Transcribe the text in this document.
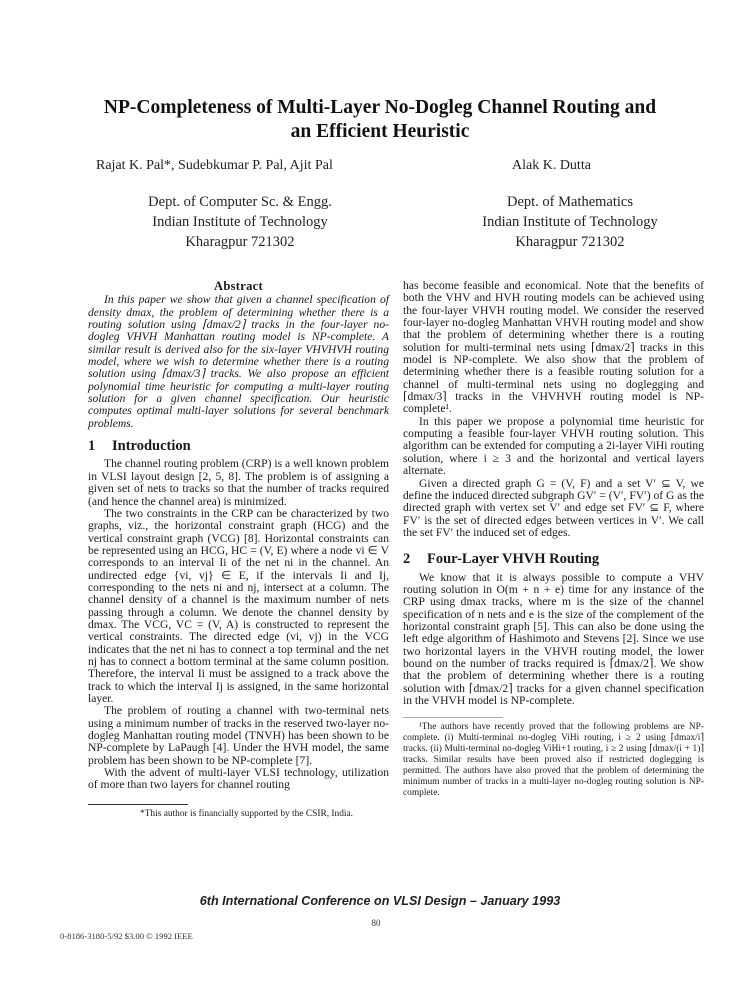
NP-Completeness of Multi-Layer No-Dogleg Channel Routing and
an Efficient Heuristic
Rajat K. Pal*, Sudebkumar P. Pal, Ajit Pal	Alak K. Dutta
Dept. of Computer Sc. & Engg.
Indian Institute of Technology
Kharagpur 721302
Dept. of Mathematics
Indian Institute of Technology
Kharagpur 721302
Abstract

In this paper we show that given a channel specification of density dmax, the problem of determining whether there is a routing solution using ⌈dmax/2⌉ tracks in the four-layer no-dogleg VHVH Manhattan routing model is NP-complete. A similar result is derived also for the six-layer VHVHVH routing model, where we wish to determine whether there is a routing solution using ⌈dmax/3⌉ tracks. We also propose an efficient polynomial time heuristic for computing a multi-layer routing solution for a given channel specification. Our heuristic computes optimal multi-layer solutions for several benchmark problems.

1 Introduction

The channel routing problem (CRP) is a well known problem in VLSI layout design [2, 5, 8]. The problem is of assigning a given set of nets to tracks so that the number of tracks required (and hence the channel area) is minimized.

The two constraints in the CRP can be characterized by two graphs, viz., the horizontal constraint graph (HCG) and the vertical constraint graph (VCG) [8]. Horizontal constraints can be represented using an HCG, HC = (V, E) where a node vi ∈ V corresponds to an interval Ii of the net ni in the channel. An undirected edge {vi, vj} ∈ E, if the intervals Ii and Ij, corresponding to the nets ni and nj, intersect at a column. The channel density of a channel is the maximum number of nets passing through a column. We denote the channel density by dmax. The VCG, VC = (V, A) is constructed to represent the vertical constraints. The directed edge (vi, vj) in the VCG indicates that the net ni has to connect a top terminal and the net nj has to connect a bottom terminal at the same column position. Therefore, the interval Ii must be assigned to a track above the track to which the interval Ij is assigned, in the same horizontal layer.

The problem of routing a channel with two-terminal nets using a minimum number of tracks in the reserved two-layer no-dogleg Manhattan routing model (TNVH) has been shown to be NP-complete by LaPaugh [4]. Under the HVH model, the same problem has been shown to be NP-complete [7].

With the advent of multi-layer VLSI technology, utilization of more than two layers for channel routing

*This author is financially supported by the CSIR, India.

has become feasible and economical. Note that the benefits of both the VHV and HVH routing models can be achieved using the four-layer VHVH routing model. We consider the reserved four-layer no-dogleg Manhattan VHVH routing model and show that the problem of determining whether there is a routing solution for multi-terminal nets using ⌈dmax/2⌉ tracks in this model is NP-complete. We also show that the problem of determining whether there is a feasible routing solution for a channel of multi-terminal nets using no doglegging and ⌈dmax/3⌉ tracks in the VHVHVH routing model is NP-complete¹.

In this paper we propose a polynomial time heuristic for computing a feasible four-layer VHVH routing solution. This algorithm can be extended for computing a 2i-layer ViHi routing solution, where i ≥ 3 and the horizontal and vertical layers alternate.

Given a directed graph G = (V, F) and a set V′ ⊆ V, we define the induced directed subgraph GV′ = (V′, FV′) of G as the directed graph with vertex set V′ and edge set FV′ ⊆ F, where FV′ is the set of directed edges between vertices in V′. We call the set FV′ the induced set of edges.

2 Four-Layer VHVH Routing

We know that it is always possible to compute a VHV routing solution in O(m + n + e) time for any instance of the CRP using dmax tracks, where m is the size of the channel specification of n nets and e is the size of the complement of the horizontal constraint graph [5]. This can also be done using the left edge algorithm of Hashimoto and Stevens [2]. Since we use two horizontal layers in the VHVH routing model, the lower bound on the number of tracks required is ⌈dmax/2⌉. We show that the problem of determining whether there is a routing solution with ⌈dmax/2⌉ tracks for a given channel specification in the VHVH model is NP-complete.

¹The authors have recently proved that the following problems are NP-complete. (i) Multi-terminal no-dogleg ViHi routing, i ≥ 2 using ⌈dmax/i⌉ tracks. (ii) Multi-terminal no-dogleg ViHi+1 routing, i ≥ 2 using ⌈dmax/(i + 1)⌉ tracks. Similar results have been proved also if restricted doglegging is permitted. The authors have also proved that the problem of determining the minimum number of tracks in a multi-layer no-dogleg routing solution is NP-complete.

6th International Conference on VLSI Design – January 1993
80
0-8186-3180-5/92 $3.00 © 1992 IEEE
